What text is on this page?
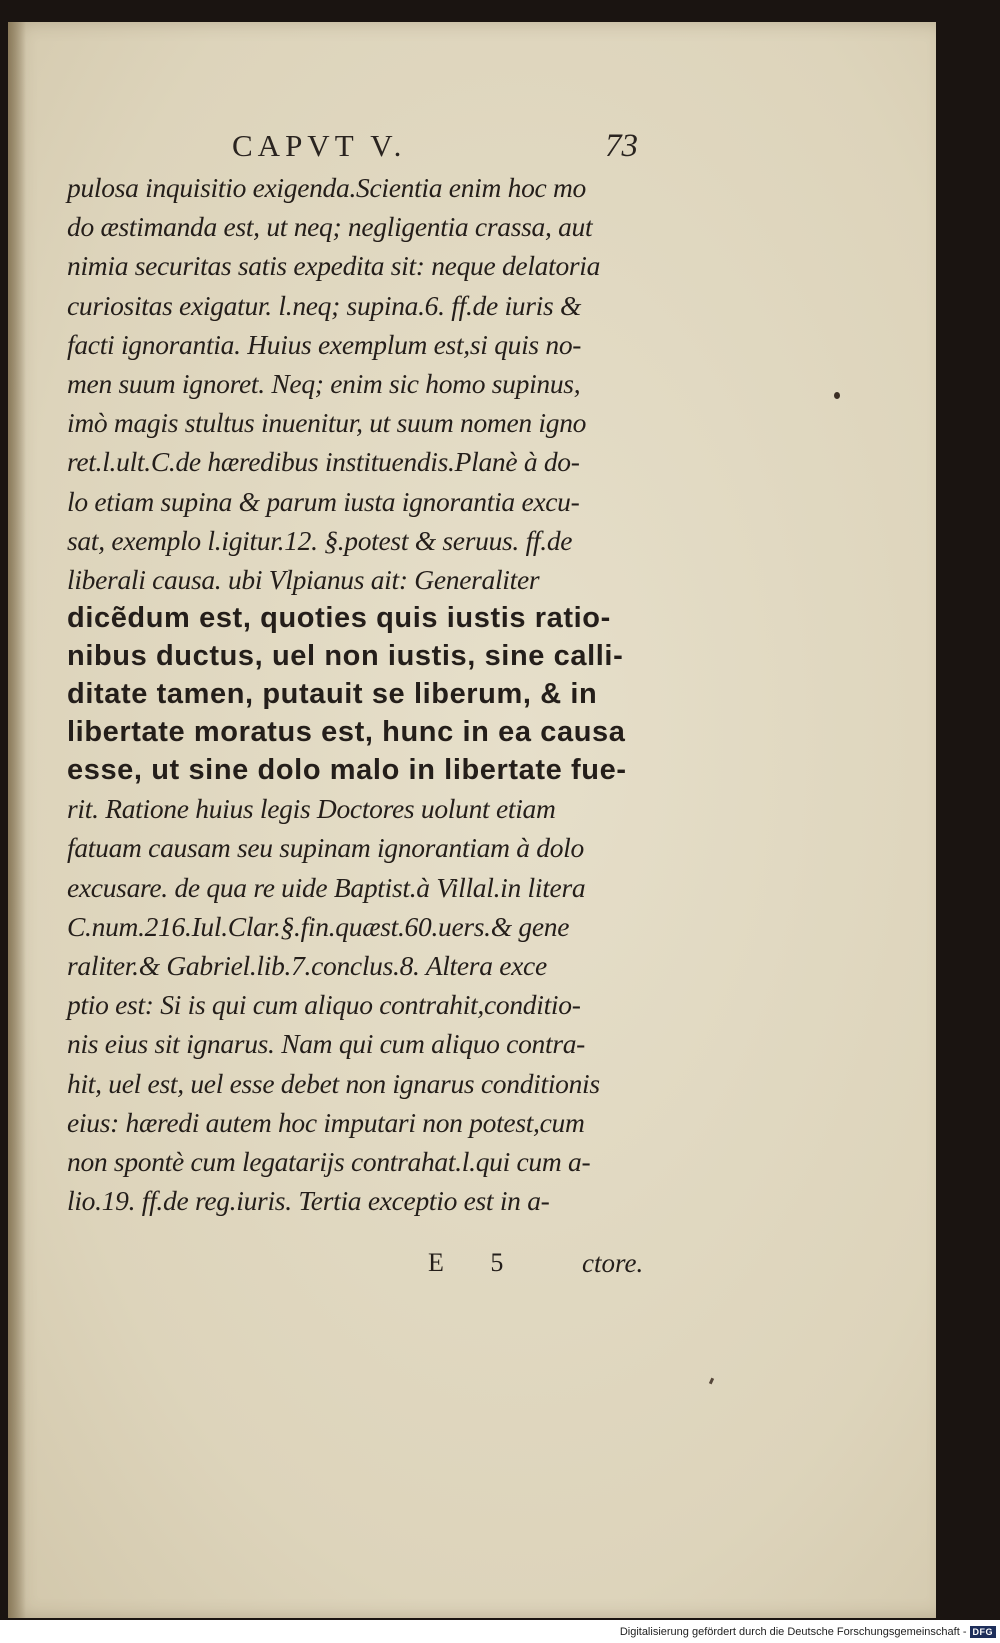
CAPVT V.	73
pulosa inquisitio exigenda.Scientia enim hoc mo
do æstimanda est, ut neq; negligentia crassa, aut
nimia securitas satis expedita sit: neque delatoria
curiositas exigatur. l.neq; supina.6. ff.de iuris &
facti ignorantia. Huius exemplum est,si quis no-
men suum ignoret. Neq; enim sic homo supinus,
imò magis stultus inuenitur, ut suum nomen igno
ret.l.ult.C.de hæredibus instituendis.Planè à do-
lo etiam supina & parum iusta ignorantia excu-
sat, exemplo l.igitur.12. §.potest & seruus. ff.de
liberali causa. ubi Vlpianus ait: Generaliter
dicẽdum est, quoties quis iustis ratio-
nibus ductus, uel non iustis, sine calli-
ditate tamen, putauit se liberum, & in
libertate moratus est, hunc in ea causa
esse, ut sine dolo malo in libertate fue-
rit. Ratione huius legis Doctores uolunt etiam
fatuam causam seu supinam ignorantiam à dolo
excusare. de qua re uide Baptist.à Villal.in litera
C.num.216.Iul.Clar.§.fin.quæst.60.uers.& gene
raliter.& Gabriel.lib.7.conclus.8. Altera exce
ptio est: Si is qui cum aliquo contrahit,conditio-
nis eius sit ignarus. Nam qui cum aliquo contra-
hit, uel est, uel esse debet non ignarus conditionis
eius: hæredi autem hoc imputari non potest,cum
non spontè cum legatarijs contrahat.l.qui cum a-
lio.19. ff.de reg.iuris. Tertia exceptio est in a-
E 5 ctore.
Digitalisierung gefördert durch die Deutsche Forschungsgemeinschaft - DFG
